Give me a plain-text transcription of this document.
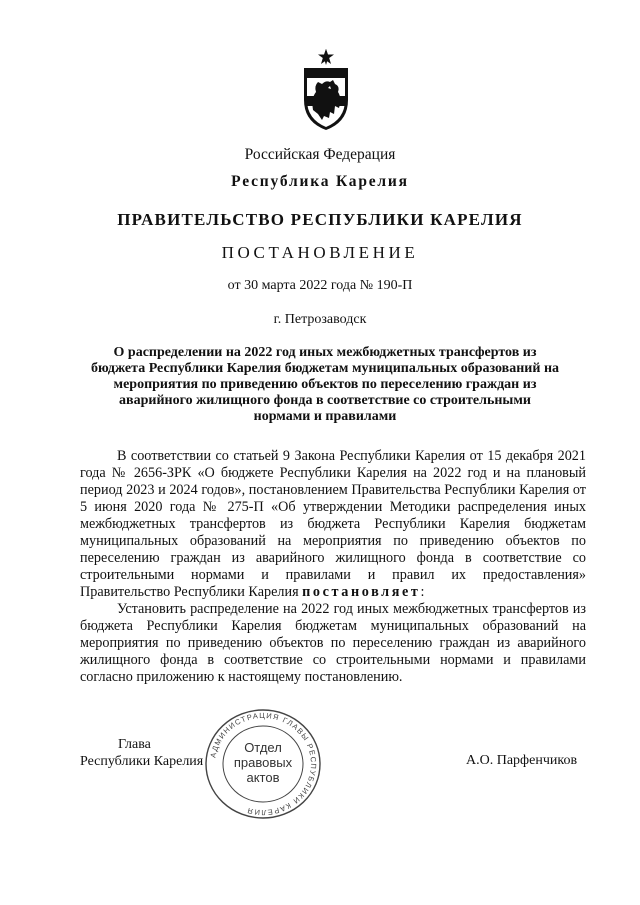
Российская Федерация
Республика Карелия
ПРАВИТЕЛЬСТВО РЕСПУБЛИКИ КАРЕЛИЯ
ПОСТАНОВЛЕНИЕ
от 30 марта 2022 года № 190-П
г. Петрозаводск
О распределении на 2022 год иных межбюджетных трансфертов из бюджета Республики Карелия бюджетам муниципальных образований на мероприятия по приведению объектов по переселению граждан из аварийного жилищного фонда в соответствие со строительными нормами и правилами

В соответствии со статьей 9 Закона Республики Карелия от 15 декабря 2021 года № 2656-ЗРК «О бюджете Республики Карелия на 2022 год и на плановый период 2023 и 2024 годов», постановлением Правительства Республики Карелия от 5 июня 2020 года № 275-П «Об утверждении Методики распределения иных межбюджетных трансфертов из бюджета Республики Карелия бюджетам муниципальных образований на мероприятия по приведению объектов по переселению граждан из аварийного жилищного фонда в соответствие со строительными нормами и правилами и правил их предоставления» Правительство Республики Карелия постановляет:

Установить распределение на 2022 год иных межбюджетных трансфертов из бюджета Республики Карелия бюджетам муниципальных образований на мероприятия по приведению объектов по переселению граждан из аварийного жилищного фонда в соответствие со строительными нормами и правилами согласно приложению к настоящему постановлению.

Глава
Республики Карелия	А.О. Парфенчиков
АДМИНИСТРАЦИЯ ГЛАВЫ РЕСПУБЛИКИ КАРЕЛИЯ
Отдел
правовых
актов
